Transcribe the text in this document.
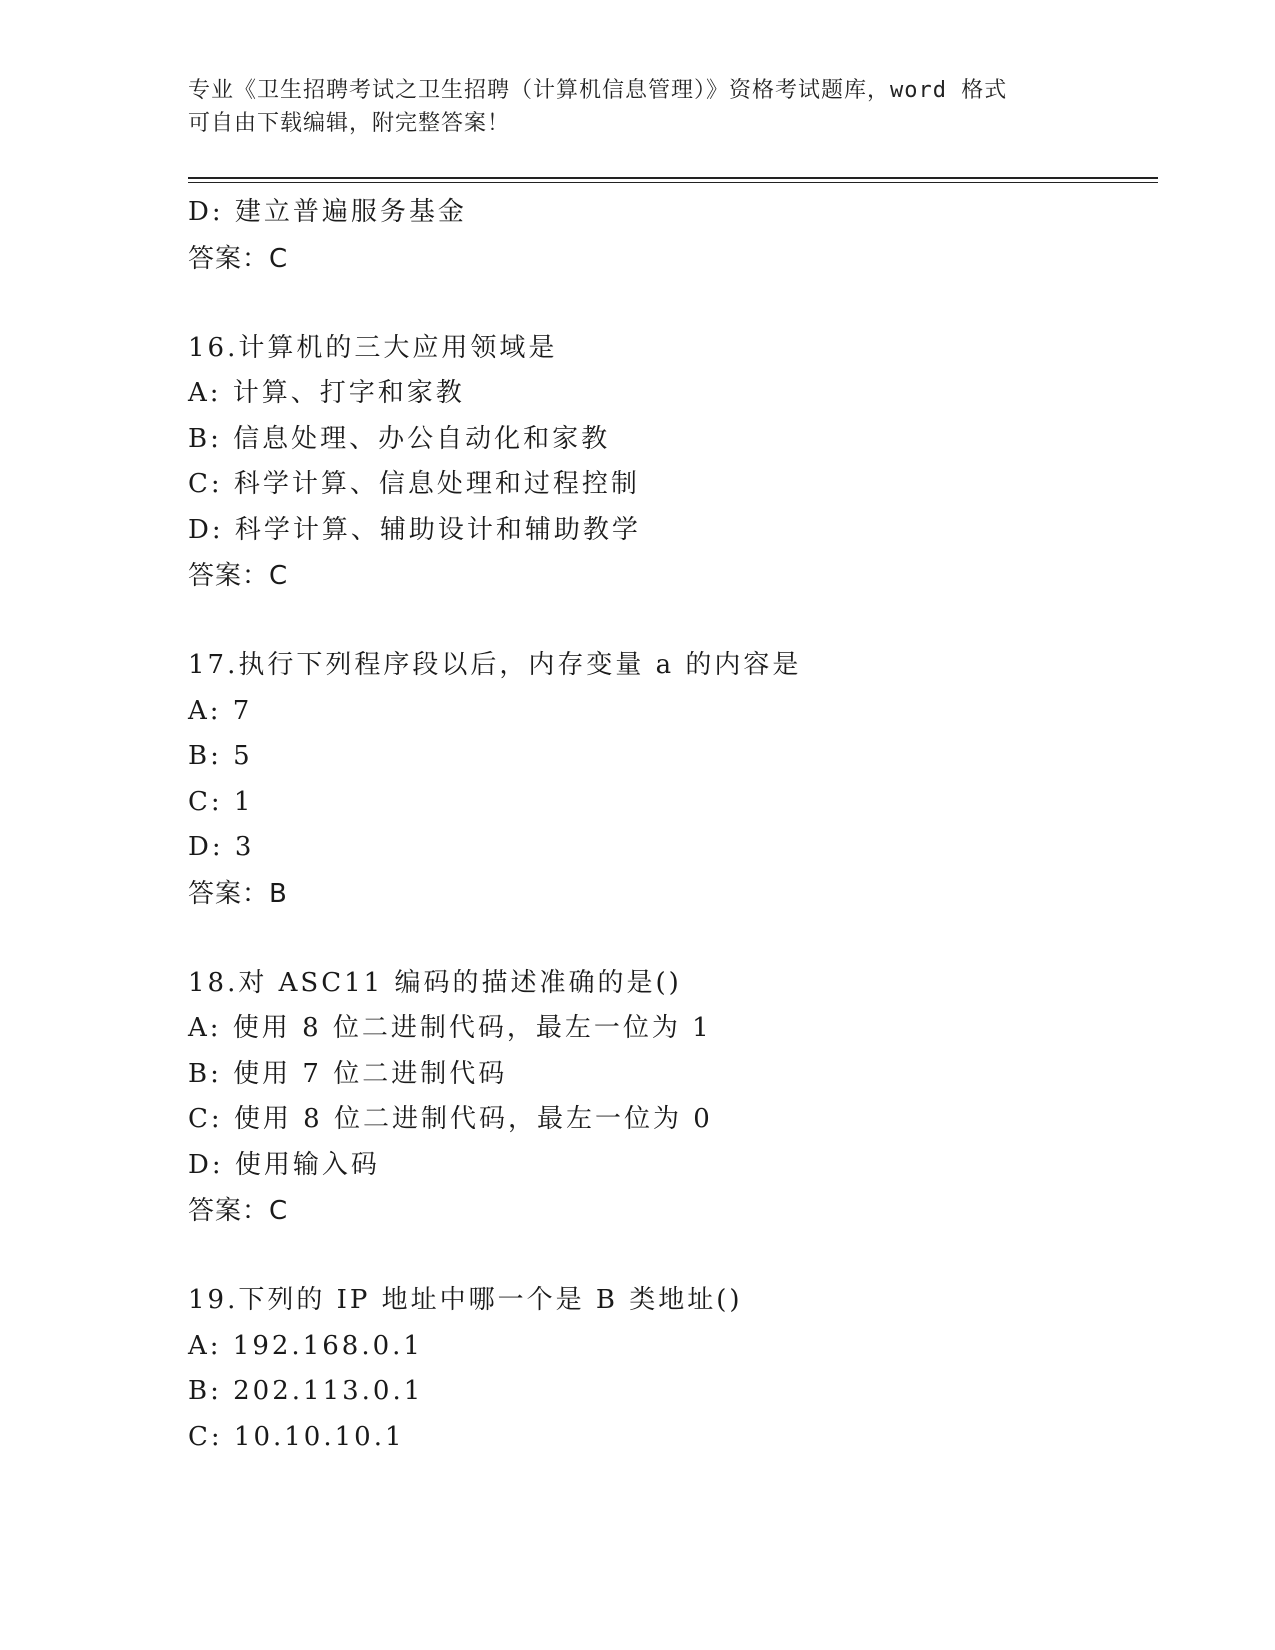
专业《卫生招聘考试之卫生招聘（计算机信息管理）》资格考试题库，word 格式
可自由下载编辑，附完整答案！
D: 建立普遍服务基金
答案：C
16.计算机的三大应用领域是
A: 计算、打字和家教
B: 信息处理、办公自动化和家教
C: 科学计算、信息处理和过程控制
D: 科学计算、辅助设计和辅助教学
答案：C
17.执行下列程序段以后，内存变量 a 的内容是
A: 7
B: 5
C: 1
D: 3
答案：B
18.对 ASC11 编码的描述准确的是()
A: 使用 8 位二进制代码，最左一位为 1
B: 使用 7 位二进制代码
C: 使用 8 位二进制代码，最左一位为 0
D: 使用输入码
答案：C
19.下列的 IP 地址中哪一个是 B 类地址()
A: 192.168.0.1
B: 202.113.0.1
C: 10.10.10.1
